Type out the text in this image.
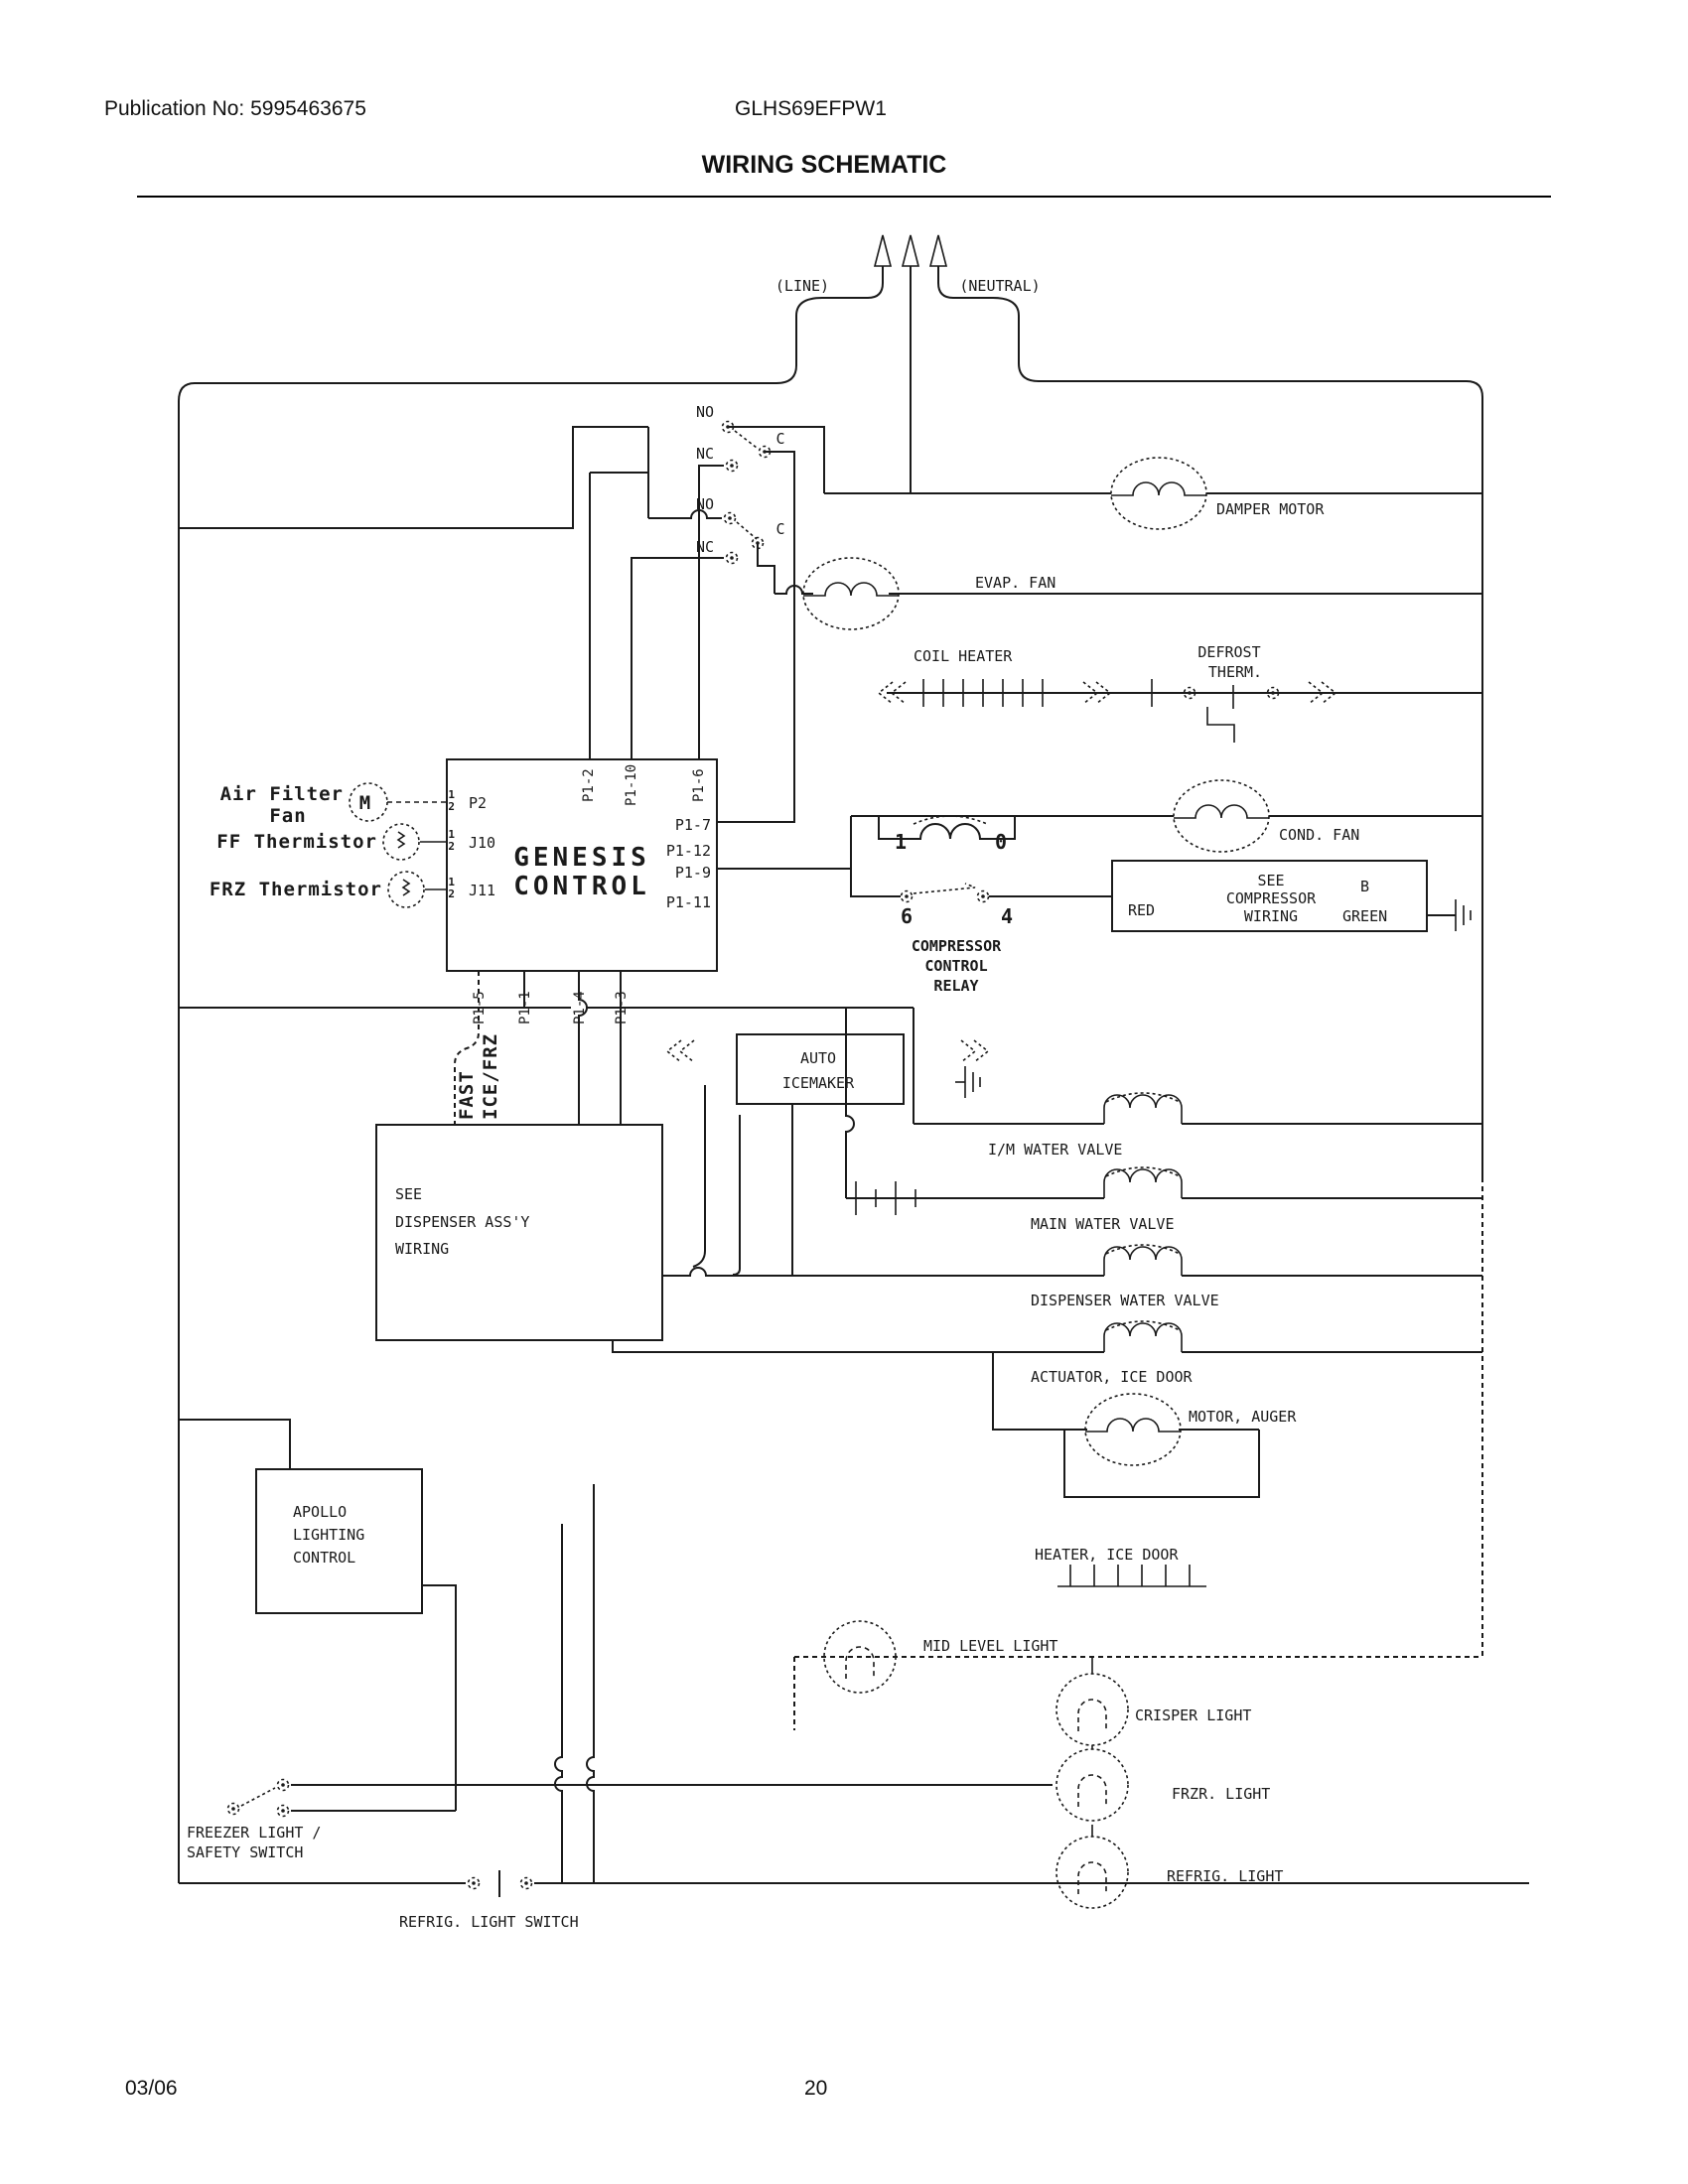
Publication No: 5995463675	GLHS69EFPW1
WIRING SCHEMATIC
03/06	20
(LINE)	(NEUTRAL)
NO
C
NC
NO
C
NC
DAMPER MOTOR
EVAP. FAN
COIL HEATER	DEFROST
THERM.
GENESIS
CONTROL
P1-2 P1-10	P1-6
P1-7
P1-12
P1-9
P1-11
P1-5 P1-1	P1-4 P1-3
M
Air Filter
Fan
FF Thermistor
FRZ Thermistor
1
2 P2
1
2 J10
1
2 J11
COND. FAN
1	0
6	4
COMPRESSOR
CONTROL
RELAY
SEE
COMPRESSOR
WIRING
RED
B
GREEN
FAST ICE/FRZ	AUTO
ICEMAKER
I/M WATER VALVE
MAIN WATER VALVE
DISPENSER WATER VALVE
ACTUATOR, ICE DOOR
MOTOR, AUGER
SEE
DISPENSER ASS'Y
WIRING
APOLLO
LIGHTING
CONTROL	HEATER, ICE DOOR
MID LEVEL LIGHT
CRISPER LIGHT
FRZR. LIGHT
REFRIG. LIGHT
FREEZER LIGHT /
SAFETY SWITCH
REFRIG. LIGHT SWITCH
